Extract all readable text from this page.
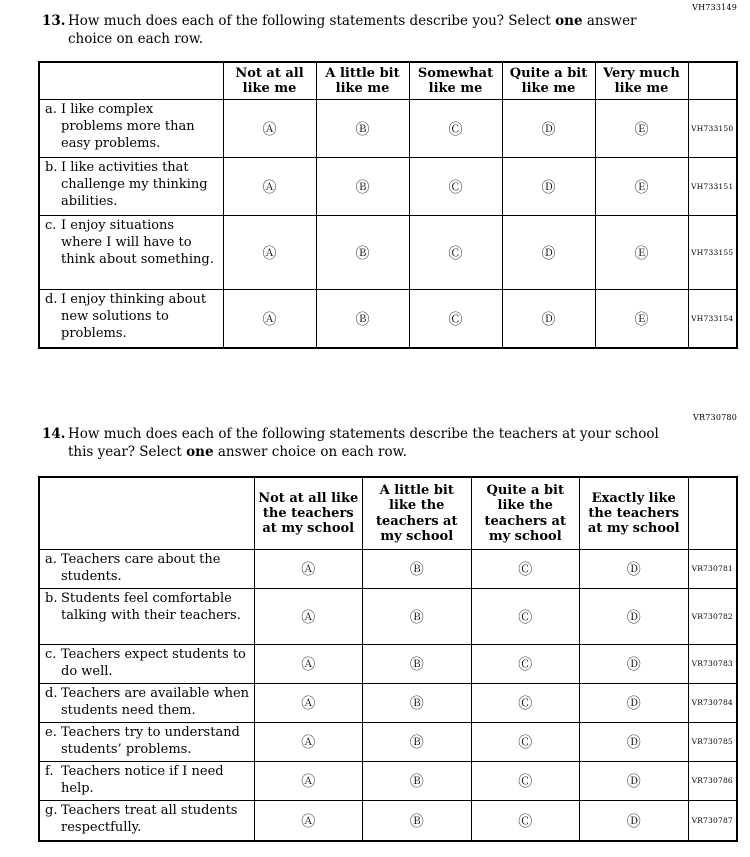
VH733149
13. How much does each of the following statements describe you? Select one answer choice on each row.
	Not at all like me	A little bit like me	Somewhat like me	Quite a bit like me	Very much like me	

a. I like complex problems more than easy problems.	Ⓐ	Ⓑ	Ⓒ	Ⓓ	Ⓔ	VH733150

b. I like activities that challenge my thinking abilities.	Ⓐ	Ⓑ	Ⓒ	Ⓓ	Ⓔ	VH733151

c. I enjoy situations where I will have to think about something.	Ⓐ	Ⓑ	Ⓒ	Ⓓ	Ⓔ	VH733155

d. I enjoy thinking about new solutions to problems.	Ⓐ	Ⓑ	Ⓒ	Ⓓ	Ⓔ	VH733154
VR730780
14. How much does each of the following statements describe the teachers at your school this year? Select one answer choice on each row.
	Not at all like the teachers at my school	A little bit like the teachers at my school	Quite a bit like the teachers at my school	Exactly like the teachers at my school	

a. Teachers care about the students.	Ⓐ	Ⓑ	Ⓒ	Ⓓ	VR730781

b. Students feel comfortable talking with their teachers.	Ⓐ	Ⓑ	Ⓒ	Ⓓ	VR730782

c. Teachers expect students to do well.	Ⓐ	Ⓑ	Ⓒ	Ⓓ	VR730783

d. Teachers are available when students need them.	Ⓐ	Ⓑ	Ⓒ	Ⓓ	VR730784

e. Teachers try to understand students’ problems.	Ⓐ	Ⓑ	Ⓒ	Ⓓ	VR730785

f. Teachers notice if I need help.	Ⓐ	Ⓑ	Ⓒ	Ⓓ	VR730786

g. Teachers treat all students respectfully.	Ⓐ	Ⓑ	Ⓒ	Ⓓ	VR730787
